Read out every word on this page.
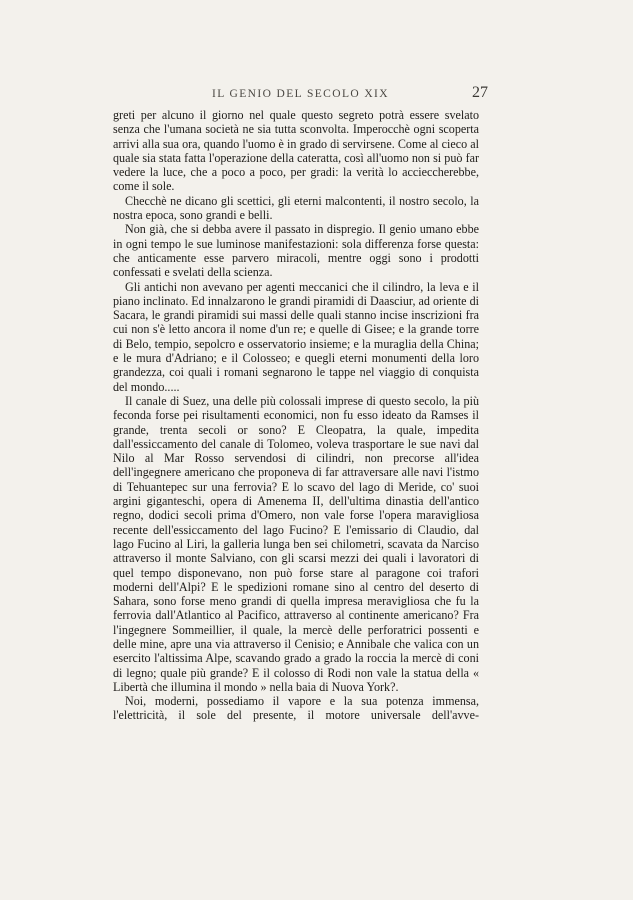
IL GENIO DEL SECOLO XIX	27

greti per alcuno il giorno nel quale questo segreto potrà essere svelato senza che l'umana società ne sia tutta sconvolta. Imperocchè ogni scoperta arrivi alla sua ora, quando l'uomo è in grado di servirsene. Come al cieco al quale sia stata fatta l'operazione della cateratta, così all'uomo non si può far vedere la luce, che a poco a poco, per gradi: la verità lo accieccherebbe, come il sole.

Checchè ne dicano gli scettici, gli eterni malcontenti, il nostro secolo, la nostra epoca, sono grandi e belli.

Non già, che si debba avere il passato in dispregio. Il genio umano ebbe in ogni tempo le sue luminose manifestazioni: sola differenza forse questa: che anticamente esse parvero miracoli, mentre oggi sono i prodotti confessati e svelati della scienza.

Gli antichi non avevano per agenti meccanici che il cilindro, la leva e il piano inclinato. Ed innalzarono le grandi piramidi di Daasciur, ad oriente di Sacara, le grandi piramidi sui massi delle quali stanno incise inscrizioni fra cui non s'è letto ancora il nome d'un re; e quelle di Gisee; e la grande torre di Belo, tempio, sepolcro e osservatorio insieme; e la muraglia della China; e le mura d'Adriano; e il Colosseo; e quegli eterni monumenti della loro grandezza, coi quali i romani segnarono le tappe nel viaggio di conquista del mondo.....

Il canale di Suez, una delle più colossali imprese di questo secolo, la più feconda forse pei risultamenti economici, non fu esso ideato da Ramses il grande, trenta secoli or sono? E Cleopatra, la quale, impedita dall'essiccamento del canale di Tolomeo, voleva trasportare le sue navi dal Nilo al Mar Rosso servendosi di cilindri, non precorse all'idea dell'ingegnere americano che proponeva di far attraversare alle navi l'istmo di Tehuantepec sur una ferrovia? E lo scavo del lago di Meride, co' suoi argini giganteschi, opera di Amenema II, dell'ultima dinastia dell'antico regno, dodici secoli prima d'Omero, non vale forse l'opera maravigliosa recente dell'essiccamento del lago Fucino? E l'emissario di Claudio, dal lago Fucino al Liri, la galleria lunga ben sei chilometri, scavata da Narciso attraverso il monte Salviano, con gli scarsi mezzi dei quali i lavoratori di quel tempo disponevano, non può forse stare al paragone coi trafori moderni dell'Alpi? E le spedizioni romane sino al centro del deserto di Sahara, sono forse meno grandi di quella impresa meravigliosa che fu la ferrovia dall'Atlantico al Pacifico, attraverso al continente americano? Fra l'ingegnere Sommeillier, il quale, la mercè delle perforatrici possenti e delle mine, apre una via attraverso il Cenisio; e Annibale che valica con un esercito l'altissima Alpe, scavando grado a grado la roccia la mercè di coni di legno; quale più grande? E il colosso di Rodi non vale la statua della « Libertà che illumina il mondo » nella baia di Nuova York?.

Noi, moderni, possediamo il vapore e la sua potenza immensa, l'elettricità, il sole del presente, il motore universale dell'avve-
